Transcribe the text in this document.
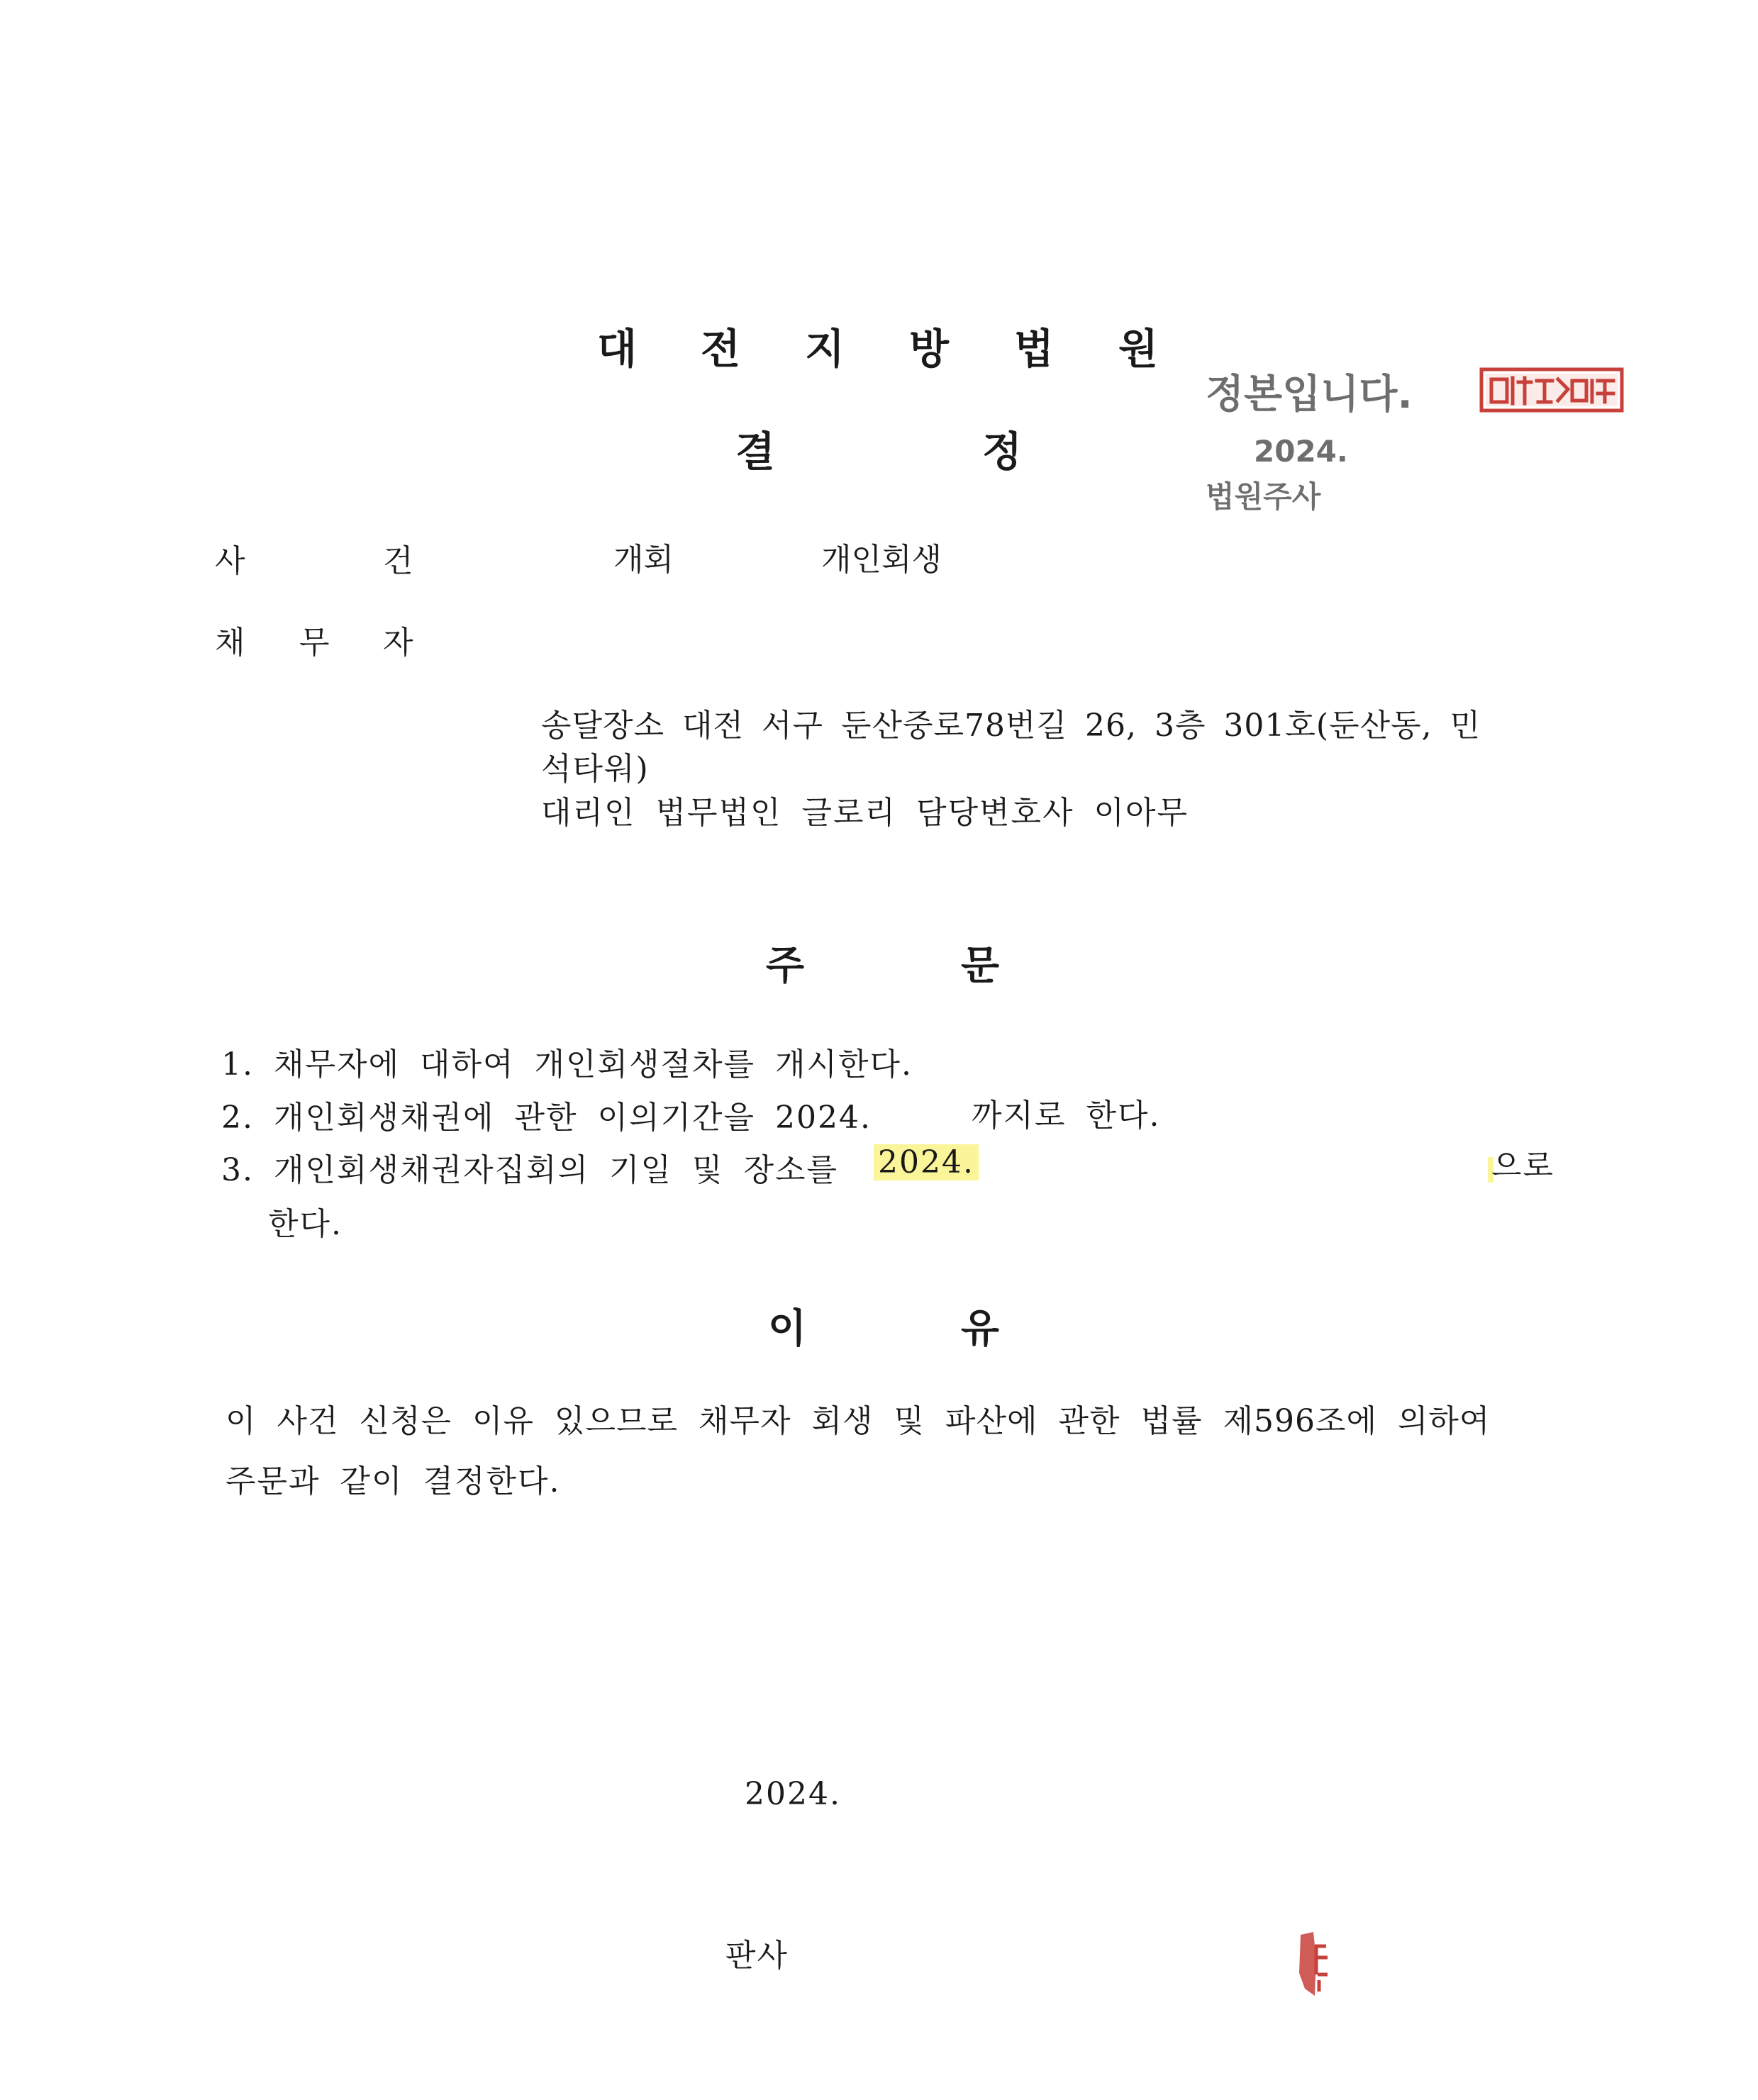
대 전 지 방 법 원
결	정
정본입니다.
2024.
법원주사
사	건	개회	개인회생
채 무 자
송달장소 대전 서구 둔산중로78번길 26, 3층 301호(둔산동, 민
석타워)
대리인 법무법인 글로리 담당변호사 이아무
주	문
1. 채무자에 대하여 개인회생절차를 개시한다.
2. 개인회생채권에 관한 이의기간을 2024.	까지로 한다.
3. 개인회생채권자집회의 기일 및 장소를 2024.	으로
한다.
이	유
이 사건 신청은 이유 있으므로 채무자 회생 및 파산에 관한 법률 제596조에 의하여
주문과 같이 결정한다.
2024.
판사
